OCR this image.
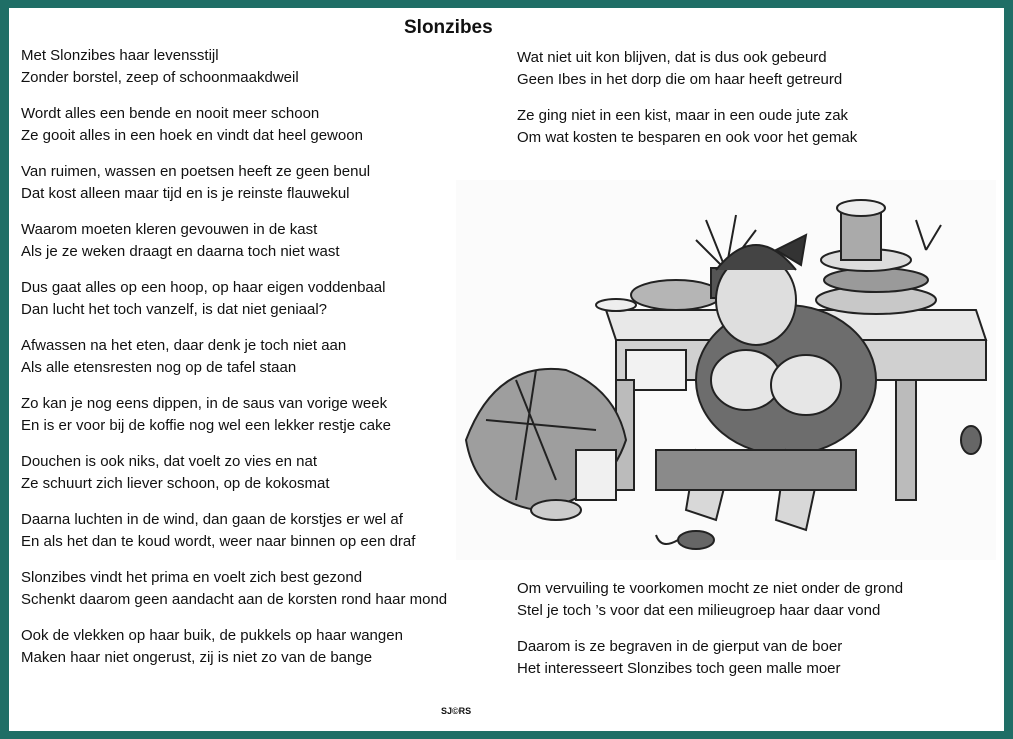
Slonzibes

Met Slonzibes haar levensstijl

Zonder borstel, zeep of schoonmaakdweil

Wordt alles een bende en nooit meer schoon

Ze gooit alles in een hoek en vindt dat heel gewoon

Van ruimen, wassen en poetsen heeft ze geen benul

Dat kost alleen maar tijd en is je reinste flauwekul

Waarom moeten kleren gevouwen in de kast

Als je ze weken draagt en daarna toch niet wast

Dus gaat alles op een hoop, op haar eigen voddenbaal

Dan lucht het toch vanzelf, is dat niet geniaal?

Afwassen na het eten, daar denk je toch niet aan

Als alle etensresten nog op de tafel staan

Zo kan je nog eens dippen, in de saus van vorige week

En is er voor bij de koffie nog wel een lekker restje cake

Douchen is ook niks, dat voelt zo vies en nat

Ze schuurt zich liever schoon, op de kokosmat

Daarna luchten in de wind, dan gaan de korstjes er wel af

En als het dan te koud wordt, weer naar binnen op een draf

Slonzibes vindt het prima en voelt zich best gezond

Schenkt daarom geen aandacht aan de korsten rond haar mond

Ook de vlekken op haar buik, de pukkels op haar wangen

Maken haar niet ongerust, zij is niet zo van de bange

Wat niet uit kon blijven, dat is dus ook gebeurd

Geen Ibes in het dorp die om haar heeft getreurd

Ze ging niet in een kist, maar in een oude jute zak

Om wat kosten te besparen en ook voor het gemak

Om vervuiling te voorkomen mocht ze niet onder de grond

Stel je toch ’s voor dat een milieugroep haar daar vond

Daarom is ze begraven in de gierput van de boer

Het interesseert Slonzibes toch geen malle moer

SJ©RS
